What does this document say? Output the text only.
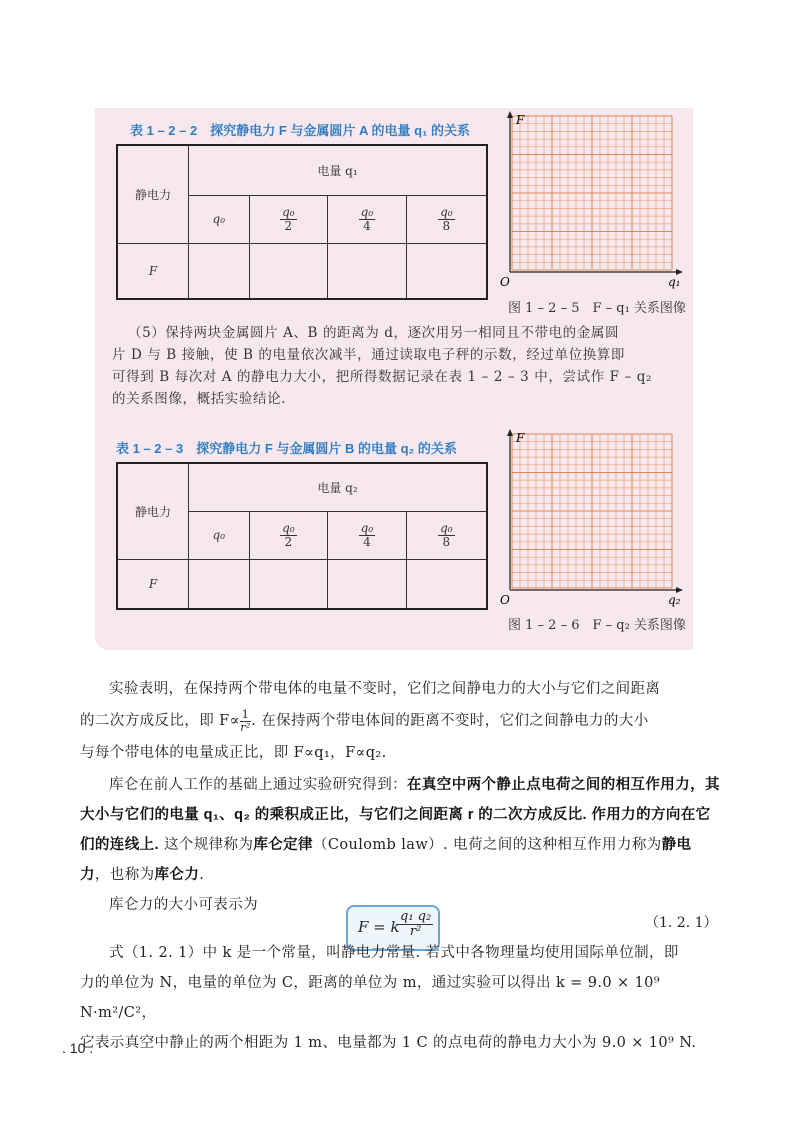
表 1 – 2 – 2　探究静电力 F 与金属圆片 A 的电量 q₁ 的关系
静电力	电量 q₁			
	q₀	$\frac{\text{q₀}}{2}$	$\frac{\text{q₀}}{4}$	$\frac{\text{q₀}}{8}$

F				
F
O	q₁
图 1 – 2 – 5　F – q₁ 关系图像
（5）保持两块金属圆片 A、B 的距离为 d，逐次用另一相同且不带电的金属圆
片 D 与 B 接触，使 B 的电量依次减半，通过读取电子秤的示数，经过单位换算即
可得到 B 每次对 A 的静电力大小，把所得数据记录在表 1 – 2 – 3 中，尝试作 F – q₂
的关系图像，概括实验结论.
表 1 – 2 – 3　探究静电力 F 与金属圆片 B 的电量 q₂ 的关系
静电力	电量 q₂			
	q₀	$\frac{\text{q₀}}{2}$	$\frac{\text{q₀}}{4}$	$\frac{\text{q₀}}{8}$

F				
F
O	q₂
图 1 – 2 – 6　F – q₂ 关系图像

实验表明，在保持两个带电体的电量不变时，它们之间静电力的大小与它们之间距离

的二次方成反比，即 $F\propto \frac{1}{\text{r²}}$ . 在保持两个带电体间的距离不变时，它们之间静电力的大小

与每个带电体的电量成正比，即 F∝q₁，F∝q₂.

库仑在前人工作的基础上通过实验研究得到：在真空中两个静止点电荷之间的相互作用力，其大小与它们的电量 q₁、q₂ 的乘积成正比，与它们之间距离 r 的二次方成反比. 作用力的方向在它们的连线上. 这个规律称为库仑定律（Coulomb law）. 电荷之间的这种相互作用力称为静电力，也称为库仑力.

库仑力的大小可表示为

F = k
$\frac{\text{q₁ q₂}}{\text{r²}}$	（1. 2. 1）

式（1. 2. 1）中 k 是一个常量，叫静电力常量. 若式中各物理量均使用国际单位制，即

力的单位为 N，电量的单位为 C，距离的单位为 m，通过实验可以得出 k = 9.0 × 10⁹ N·m²/C²，

它表示真空中静止的两个相距为 1 m、电量都为 1 C 的点电荷的静电力大小为 9.0 × 10⁹ N.

. 10 .
